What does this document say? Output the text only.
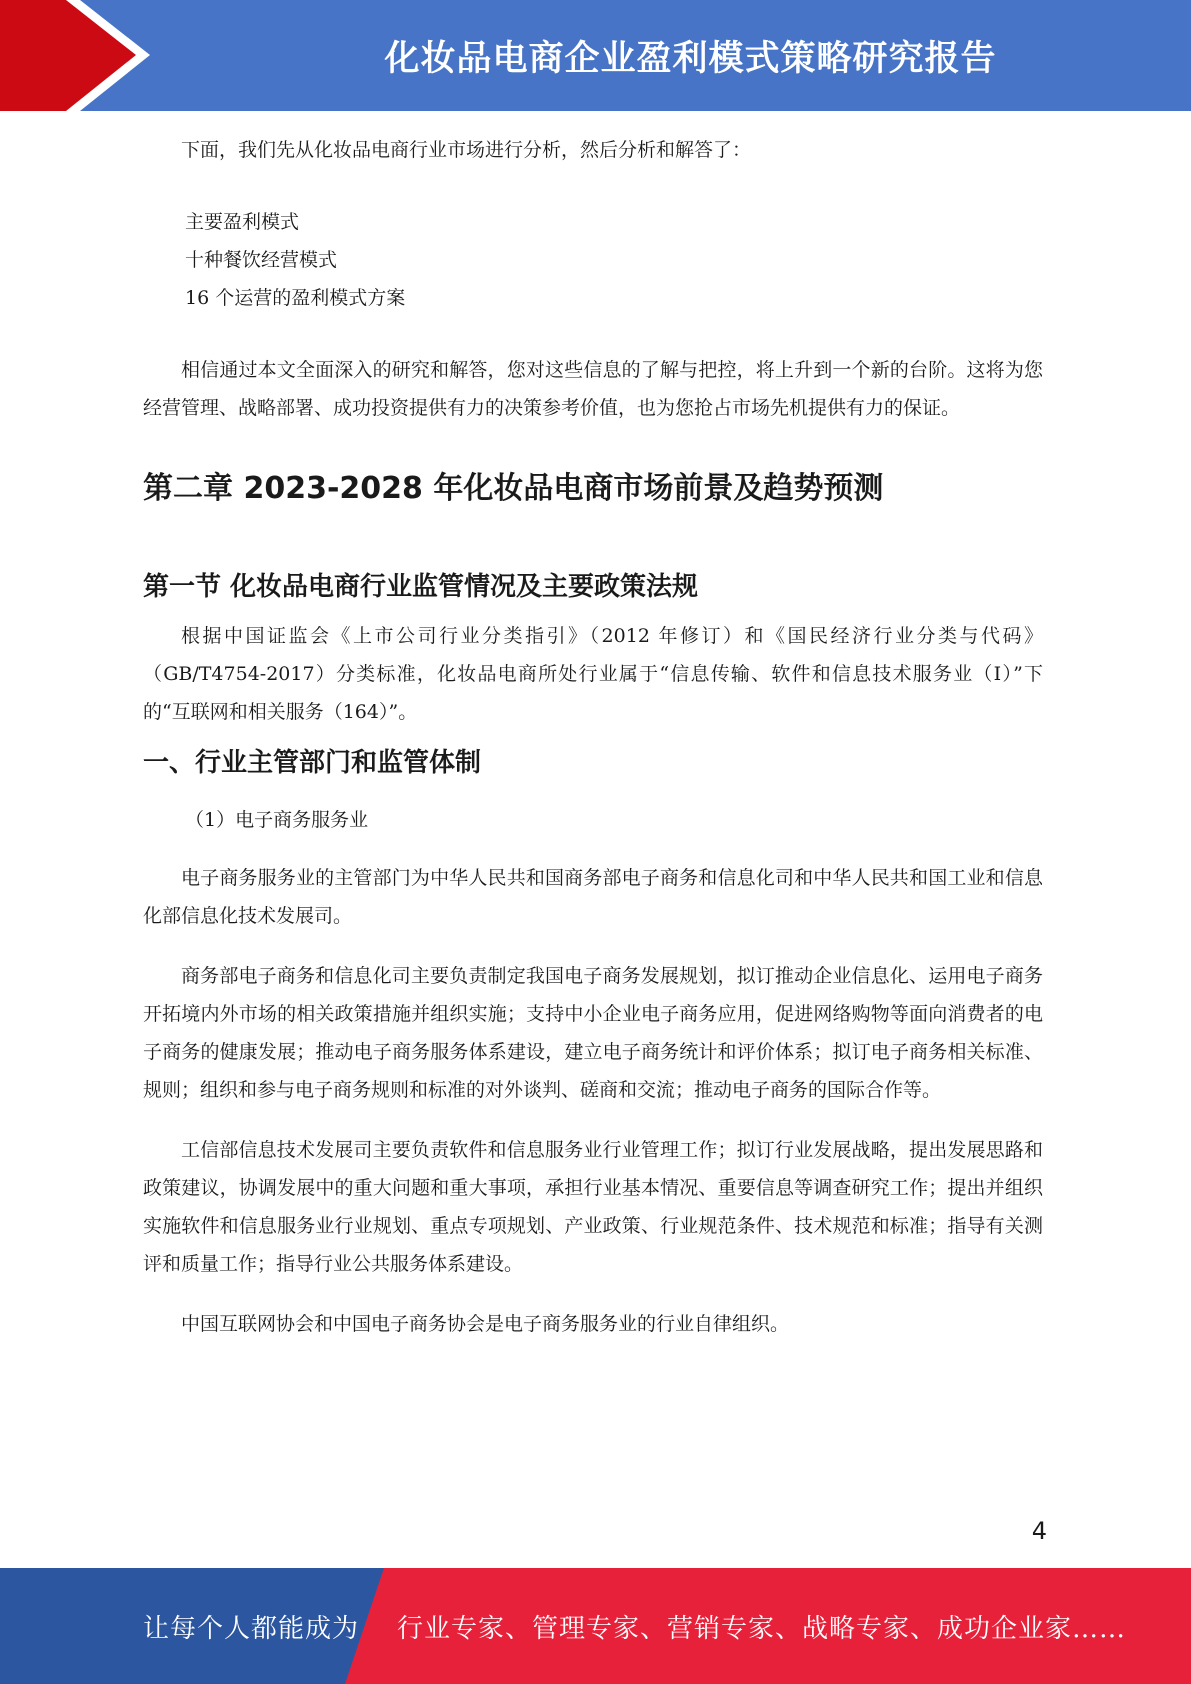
化妆品电商企业盈利模式策略研究报告

下面，我们先从化妆品电商行业市场进行分析，然后分析和解答了：

主要盈利模式

十种餐饮经营模式

16 个运营的盈利模式方案

相信通过本文全面深入的研究和解答，您对这些信息的了解与把控，将上升到一个新的台阶。这将为您经营管理、战略部署、成功投资提供有力的决策参考价值，也为您抢占市场先机提供有力的保证。

第二章 2023-2028 年化妆品电商市场前景及趋势预测
第一节 化妆品电商行业监管情况及主要政策法规

根据中国证监会《上市公司行业分类指引》（2012 年修订）和《国民经济行业分类与代码》（GB/T4754-2017）分类标准，化妆品电商所处行业属于“信息传输、软件和信息技术服务业（I）”下的“互联网和相关服务（164）”。

一、行业主管部门和监管体制

（1）电子商务服务业

电子商务服务业的主管部门为中华人民共和国商务部电子商务和信息化司和中华人民共和国工业和信息化部信息化技术发展司。

商务部电子商务和信息化司主要负责制定我国电子商务发展规划，拟订推动企业信息化、运用电子商务开拓境内外市场的相关政策措施并组织实施；支持中小企业电子商务应用，促进网络购物等面向消费者的电子商务的健康发展；推动电子商务服务体系建设，建立电子商务统计和评价体系；拟订电子商务相关标准、规则；组织和参与电子商务规则和标准的对外谈判、磋商和交流；推动电子商务的国际合作等。

工信部信息技术发展司主要负责软件和信息服务业行业管理工作；拟订行业发展战略，提出发展思路和政策建议，协调发展中的重大问题和重大事项，承担行业基本情况、重要信息等调查研究工作；提出并组织实施软件和信息服务业行业规划、重点专项规划、产业政策、行业规范条件、技术规范和标准；指导有关测评和质量工作；指导行业公共服务体系建设。

中国互联网协会和中国电子商务协会是电子商务服务业的行业自律组织。

4
让每个人都能成为 行业专家、管理专家、营销专家、战略专家、成功企业家……
